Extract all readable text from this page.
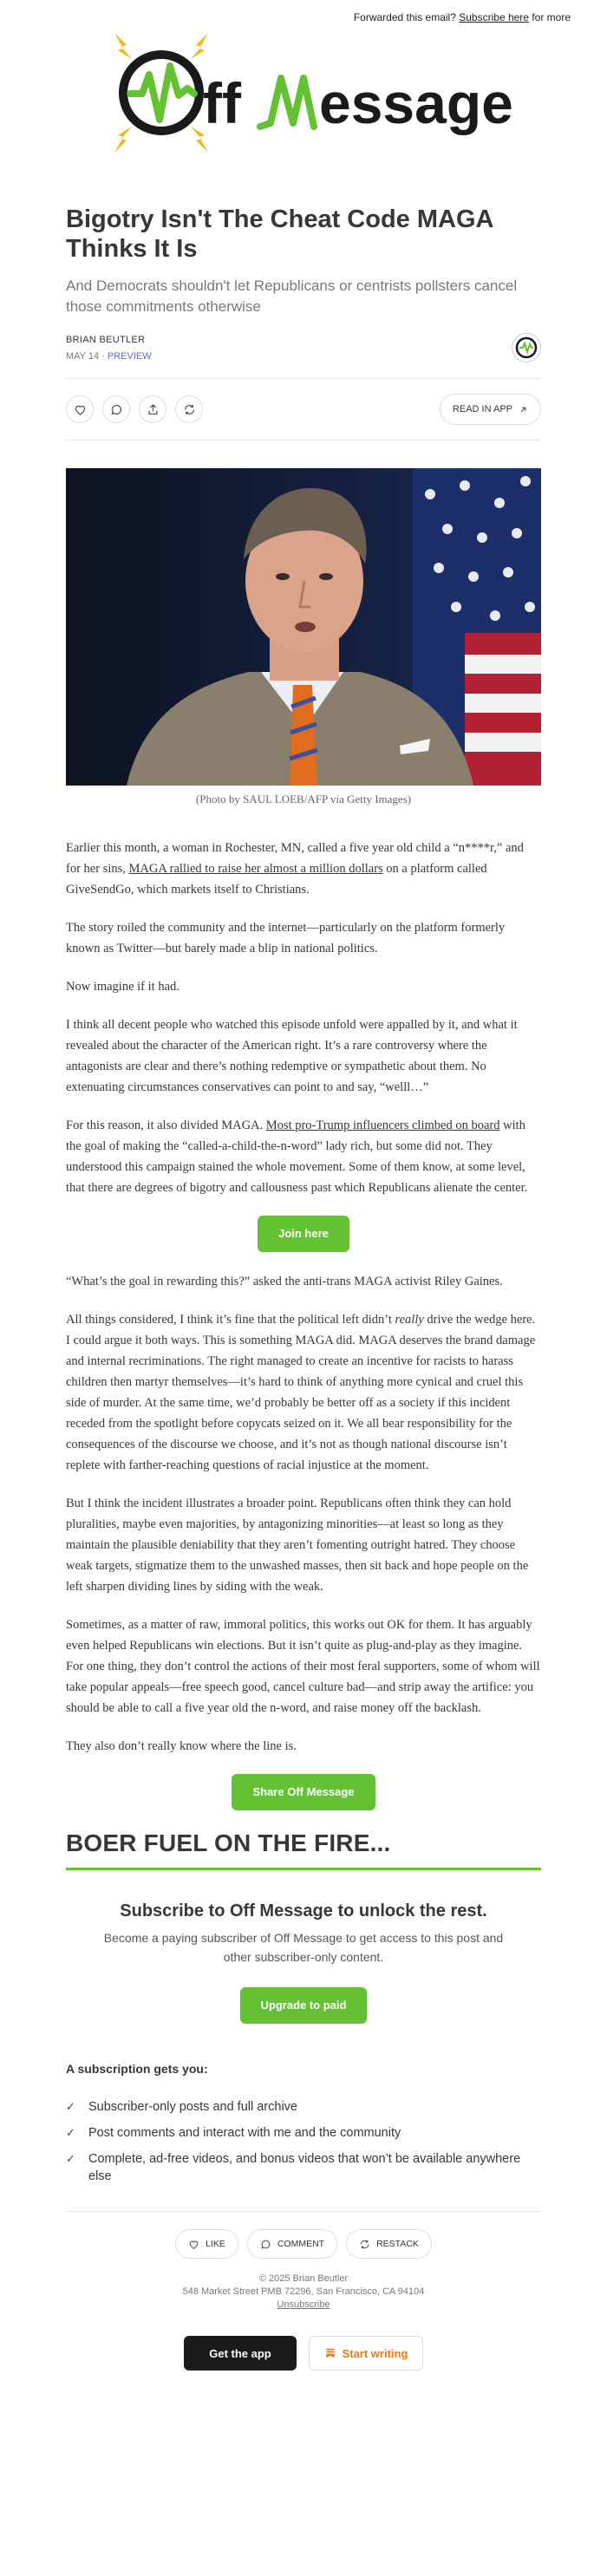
Forwarded this email? Subscribe here for more
ff essage
Bigotry Isn't The Cheat Code MAGA Thinks It Is
And Democrats shouldn't let Republicans or centrists pollsters cancel those commitments otherwise
BRIAN BEUTLER
MAY 14 · PREVIEW
READ IN APP
(Photo by SAUL LOEB/AFP via Getty Images)

Earlier this month, a woman in Rochester, MN, called a five year old child a “n****r,” and for her sins, MAGA rallied to raise her almost a million dollars on a platform called GiveSendGo, which markets itself to Christians.

The story roiled the community and the internet—particularly on the platform formerly known as Twitter—but barely made a blip in national politics.

Now imagine if it had.

I think all decent people who watched this episode unfold were appalled by it, and what it revealed about the character of the American right. It’s a rare controversy where the antagonists are clear and there’s nothing redemptive or sympathetic about them. No extenuating circumstances conservatives can point to and say, “welll…”

For this reason, it also divided MAGA. Most pro-Trump influencers climbed on board with the goal of making the “called-a-child-the-n-word” lady rich, but some did not. They understood this campaign stained the whole movement. Some of them know, at some level, that there are degrees of bigotry and callousness past which Republicans alienate the center.

Join here

“What’s the goal in rewarding this?” asked the anti-trans MAGA activist Riley Gaines.

All things considered, I think it’s fine that the political left didn’t really drive the wedge here. I could argue it both ways. This is something MAGA did. MAGA deserves the brand damage and internal recriminations. The right managed to create an incentive for racists to harass children then martyr themselves—it’s hard to think of anything more cynical and cruel this side of murder. At the same time, we’d probably be better off as a society if this incident receded from the spotlight before copycats seized on it. We all bear responsibility for the consequences of the discourse we choose, and it’s not as though national discourse isn’t replete with farther-reaching questions of racial injustice at the moment.

But I think the incident illustrates a broader point. Republicans often think they can hold pluralities, maybe even majorities, by antagonizing minorities—at least so long as they maintain the plausible deniability that they aren’t fomenting outright hatred. They choose weak targets, stigmatize them to the unwashed masses, then sit back and hope people on the left sharpen dividing lines by siding with the weak.

Sometimes, as a matter of raw, immoral politics, this works out OK for them. It has arguably even helped Republicans win elections. But it isn’t quite as plug-and-play as they imagine. For one thing, they don’t control the actions of their most feral supporters, some of whom will take popular appeals—free speech good, cancel culture bad—and strip away the artifice: you should be able to call a five year old the n-word, and raise money off the backlash.

They also don’t really know where the line is.

Share Off Message
BOER FUEL ON THE FIRE...
Subscribe to Off Message to unlock the rest.

Become a paying subscriber of Off Message to get access to this post and other subscriber-only content.

Upgrade to paid
A subscription gets you:
✓ Subscriber-only posts and full archive
✓ Post comments and interact with me and the community
✓ Complete, ad-free videos, and bonus videos that won’t be available anywhere else
LIKE	COMMENT	RESTACK
© 2025 Brian Beutler
548 Market Street PMB 72296, San Francisco, CA 94104
Unsubscribe
Get the app	Start writing
